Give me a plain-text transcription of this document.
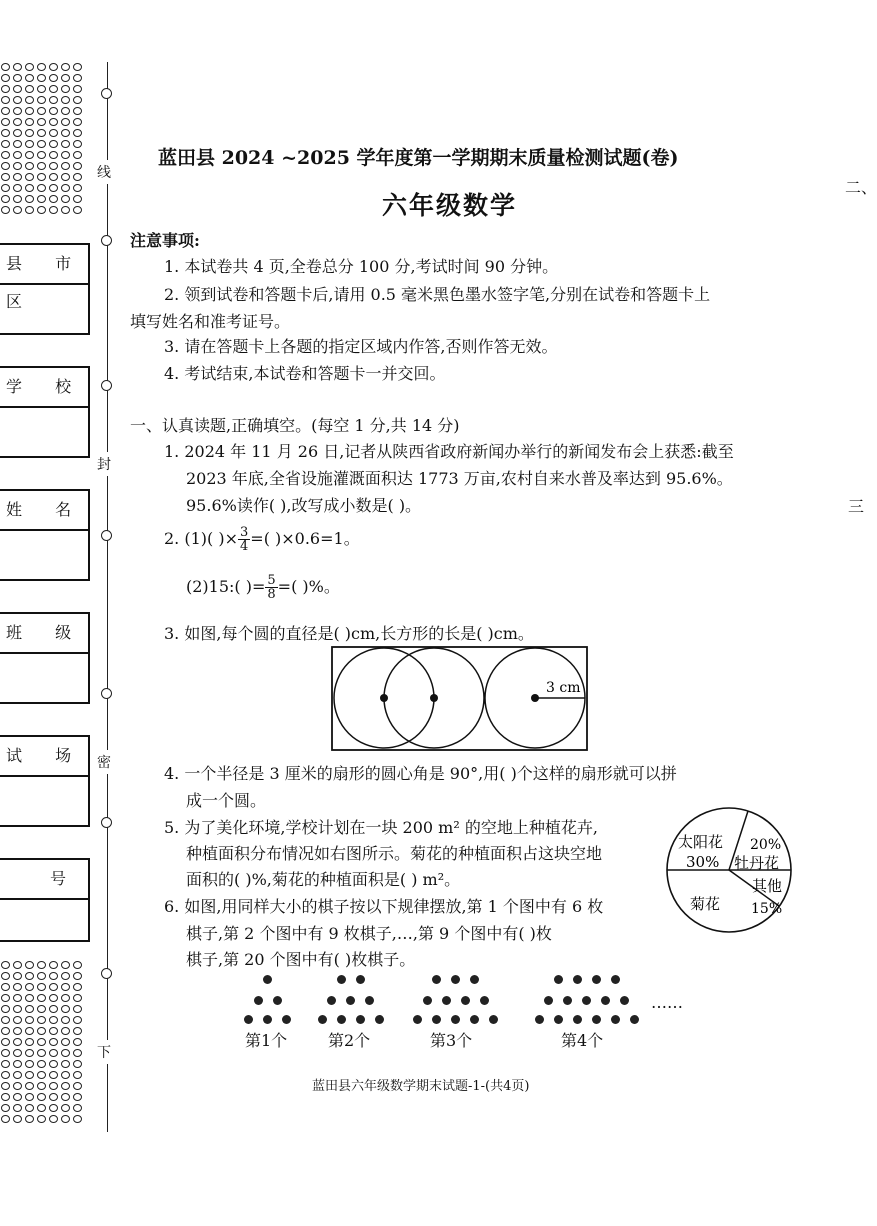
线
封
密
下
县 市 区
学 校
姓 名
班 级
试 场
号
二、
三
蓝田县 2024 ~2025 学年度第一学期期末质量检测试题(卷)
六年级数学
注意事项:
1. 本试卷共 4 页,全卷总分 100 分,考试时间 90 分钟。
2. 领到试卷和答题卡后,请用 0.5 毫米黑色墨水签字笔,分别在试卷和答题卡上
填写姓名和准考证号。
3. 请在答题卡上各题的指定区域内作答,否则作答无效。
4. 考试结束,本试卷和答题卡一并交回。
一、认真读题,正确填空。(每空 1 分,共 14 分)
1. 2024 年 11 月 26 日,记者从陕西省政府新闻办举行的新闻发布会上获悉:截至
2023 年底,全省设施灌溉面积达 1773 万亩,农村自来水普及率达到 95.6%。
95.6%读作( ),改写成小数是( )。
2. (1)( )× $\frac{3}{4}$ =( )×0.6=1。
(2)15:( )= $\frac{5}{8}$ =( )%。
3. 如图,每个圆的直径是( )cm,长方形的长是( )cm。
3 cm
4. 一个半径是 3 厘米的扇形的圆心角是 90°,用( )个这样的扇形就可以拼
成一个圆。
5. 为了美化环境,学校计划在一块 200 m² 的空地上种植花卉,
种植面积分布情况如右图所示。菊花的种植面积占这块空地
面积的( )%,菊花的种植面积是( ) m²。
太阳花
30%
20%
牡丹花
其他
15%
菊花
6. 如图,用同样大小的棋子按以下规律摆放,第 1 个图中有 6 枚
棋子,第 2 个图中有 9 枚棋子,…,第 9 个图中有( )枚
棋子,第 20 个图中有( )枚棋子。
第1个	第2个	第3个	第4个
……
蓝田县六年级数学期末试题-1-(共4页)
